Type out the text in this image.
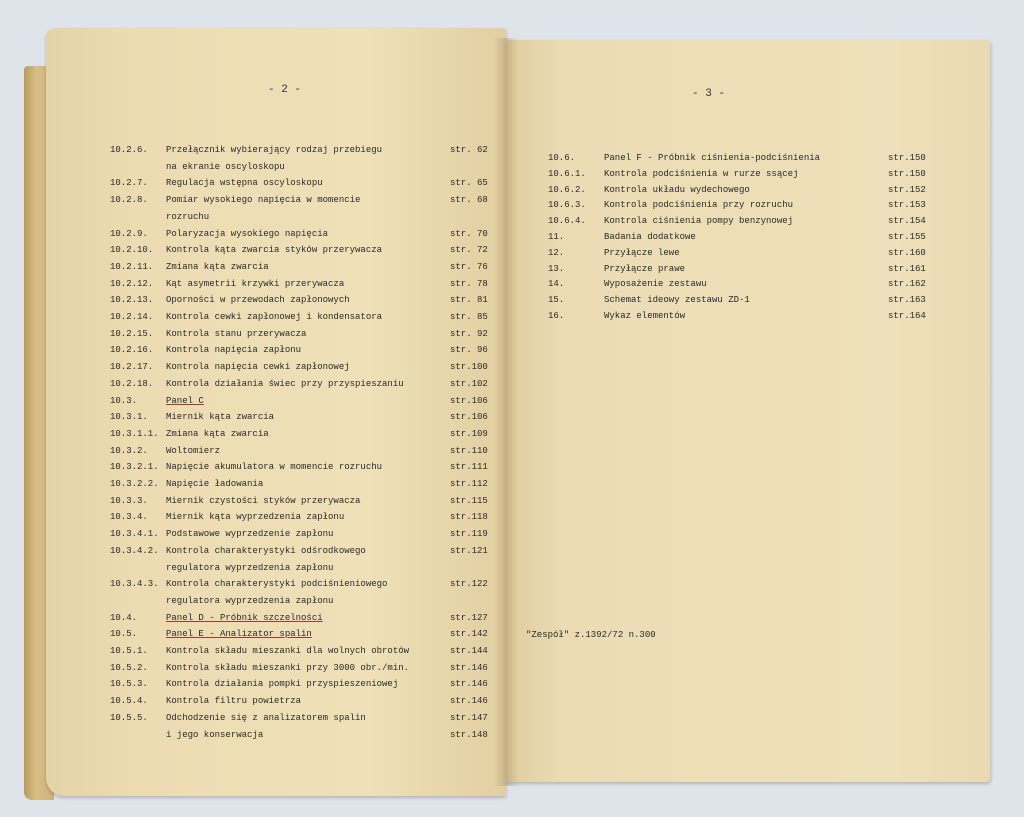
- 2 -
10.2.6. Przełącznik wybierający rodzaj przebiegu	str. 62
na ekranie oscyloskopu
10.2.7. Regulacja wstępna oscyloskopu	str. 65
10.2.8. Pomiar wysokiego napięcia w momencie	str. 68
rozruchu
10.2.9. Polaryzacja wysokiego napięcia	str. 70
10.2.10. Kontrola kąta zwarcia styków przerywacza	str. 72
10.2.11. Zmiana kąta zwarcia	str. 76
10.2.12. Kąt asymetrii krzywki przerywacza	str. 78
10.2.13. Oporności w przewodach zapłonowych	str. 81
10.2.14. Kontrola cewki zapłonowej i kondensatora	str. 85
10.2.15. Kontrola stanu przerywacza	str. 92
10.2.16. Kontrola napięcia zapłonu	str. 96
10.2.17. Kontrola napięcia cewki zapłonowej	str.100
10.2.18. Kontrola działania świec przy przyspieszaniu	str.102
10.3.	Panel C	str.106
10.3.1. Miernik kąta zwarcia	str.106
10.3.1.1. Zmiana kąta zwarcia	str.109
10.3.2. Woltomierz	str.110
10.3.2.1. Napięcie akumulatora w momencie rozruchu	str.111
10.3.2.2. Napięcie ładowania	str.112
10.3.3. Miernik czystości styków przerywacza	str.115
10.3.4. Miernik kąta wyprzedzenia zapłonu	str.118
10.3.4.1. Podstawowe wyprzedzenie zapłonu	str.119
10.3.4.2. Kontrola charakterystyki odśrodkowego	str.121
regulatora wyprzedzenia zapłonu
10.3.4.3. Kontrola charakterystyki podciśnieniowego	str.122
regulatora wyprzedzenia zapłonu
10.4.	Panel D - Próbnik szczelności	str.127
10.5.	Panel E - Analizator spalin	str.142
10.5.1. Kontrola składu mieszanki dla wolnych obrotów	str.144
10.5.2. Kontrola składu mieszanki przy 3000 obr./min.	str.146
10.5.3. Kontrola działania pompki przyspieszeniowej	str.146
10.5.4. Kontrola filtru powietrza	str.146
10.5.5. Odchodzenie się z analizatorem spalin	str.147
i jego konserwacja	str.148
- 3 -
10.6.	Panel F - Próbnik ciśnienia-podciśnienia	str.150
10.6.1. Kontrola podciśnienia w rurze ssącej	str.150
10.6.2. Kontrola układu wydechowego	str.152
10.6.3. Kontrola podciśnienia przy rozruchu	str.153
10.6.4. Kontrola ciśnienia pompy benzynowej	str.154
11.	Badania dodatkowe	str.155
12.	Przyłącze lewe	str.160
13.	Przyłącze prawe	str.161
14.	Wyposażenie zestawu	str.162
15.	Schemat ideowy zestawu ZD-1	str.163
16.	Wykaz elementów	str.164
"Zespół" z.1392/72 n.300
